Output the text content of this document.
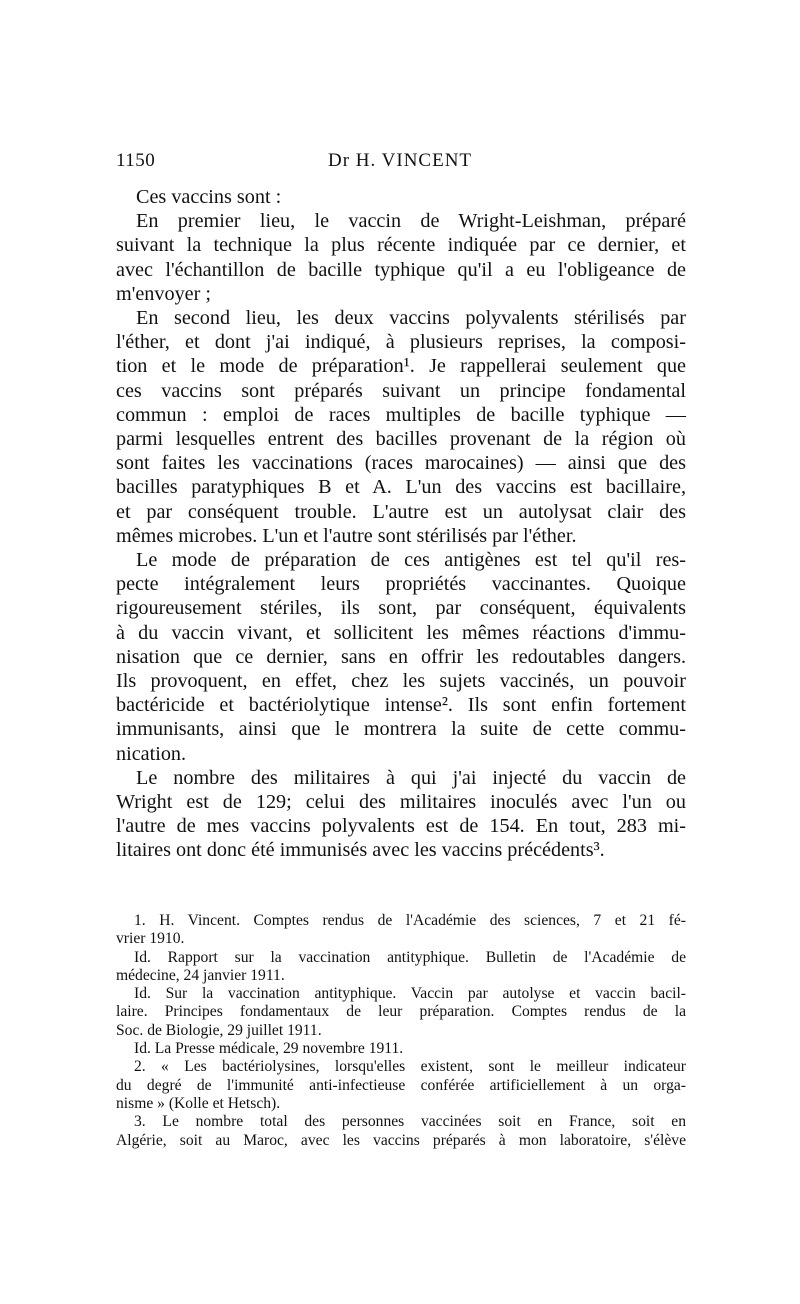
1150	Dr H. VINCENT
Ces vaccins sont :
En premier lieu, le vaccin de Wright-Leishman, préparé
suivant la technique la plus récente indiquée par ce dernier, et
avec l'échantillon de bacille typhique qu'il a eu l'obligeance de
m'envoyer ;
En second lieu, les deux vaccins polyvalents stérilisés par
l'éther, et dont j'ai indiqué, à plusieurs reprises, la composi-
tion et le mode de préparation¹. Je rappellerai seulement que
ces vaccins sont préparés suivant un principe fondamental
commun : emploi de races multiples de bacille typhique —
parmi lesquelles entrent des bacilles provenant de la région où
sont faites les vaccinations (races marocaines) — ainsi que des
bacilles paratyphiques B et A. L'un des vaccins est bacillaire,
et par conséquent trouble. L'autre est un autolysat clair des
mêmes microbes. L'un et l'autre sont stérilisés par l'éther.
Le mode de préparation de ces antigènes est tel qu'il res-
pecte intégralement leurs propriétés vaccinantes. Quoique
rigoureusement stériles, ils sont, par conséquent, équivalents
à du vaccin vivant, et sollicitent les mêmes réactions d'immu-
nisation que ce dernier, sans en offrir les redoutables dangers.
Ils provoquent, en effet, chez les sujets vaccinés, un pouvoir
bactéricide et bactériolytique intense². Ils sont enfin fortement
immunisants, ainsi que le montrera la suite de cette commu-
nication.
Le nombre des militaires à qui j'ai injecté du vaccin de
Wright est de 129; celui des militaires inoculés avec l'un ou
l'autre de mes vaccins polyvalents est de 154. En tout, 283 mi-
litaires ont donc été immunisés avec les vaccins précédents³.
1. H. Vincent. Comptes rendus de l'Académie des sciences, 7 et 21 fé-
vrier 1910.
Id. Rapport sur la vaccination antityphique. Bulletin de l'Académie de
médecine, 24 janvier 1911.
Id. Sur la vaccination antityphique. Vaccin par autolyse et vaccin bacil-
laire. Principes fondamentaux de leur préparation. Comptes rendus de la
Soc. de Biologie, 29 juillet 1911.
Id. La Presse médicale, 29 novembre 1911.
2. « Les bactériolysines, lorsqu'elles existent, sont le meilleur indicateur
du degré de l'immunité anti-infectieuse conférée artificiellement à un orga-
nisme » (Kolle et Hetsch).
3. Le nombre total des personnes vaccinées soit en France, soit en
Algérie, soit au Maroc, avec les vaccins préparés à mon laboratoire, s'élève
